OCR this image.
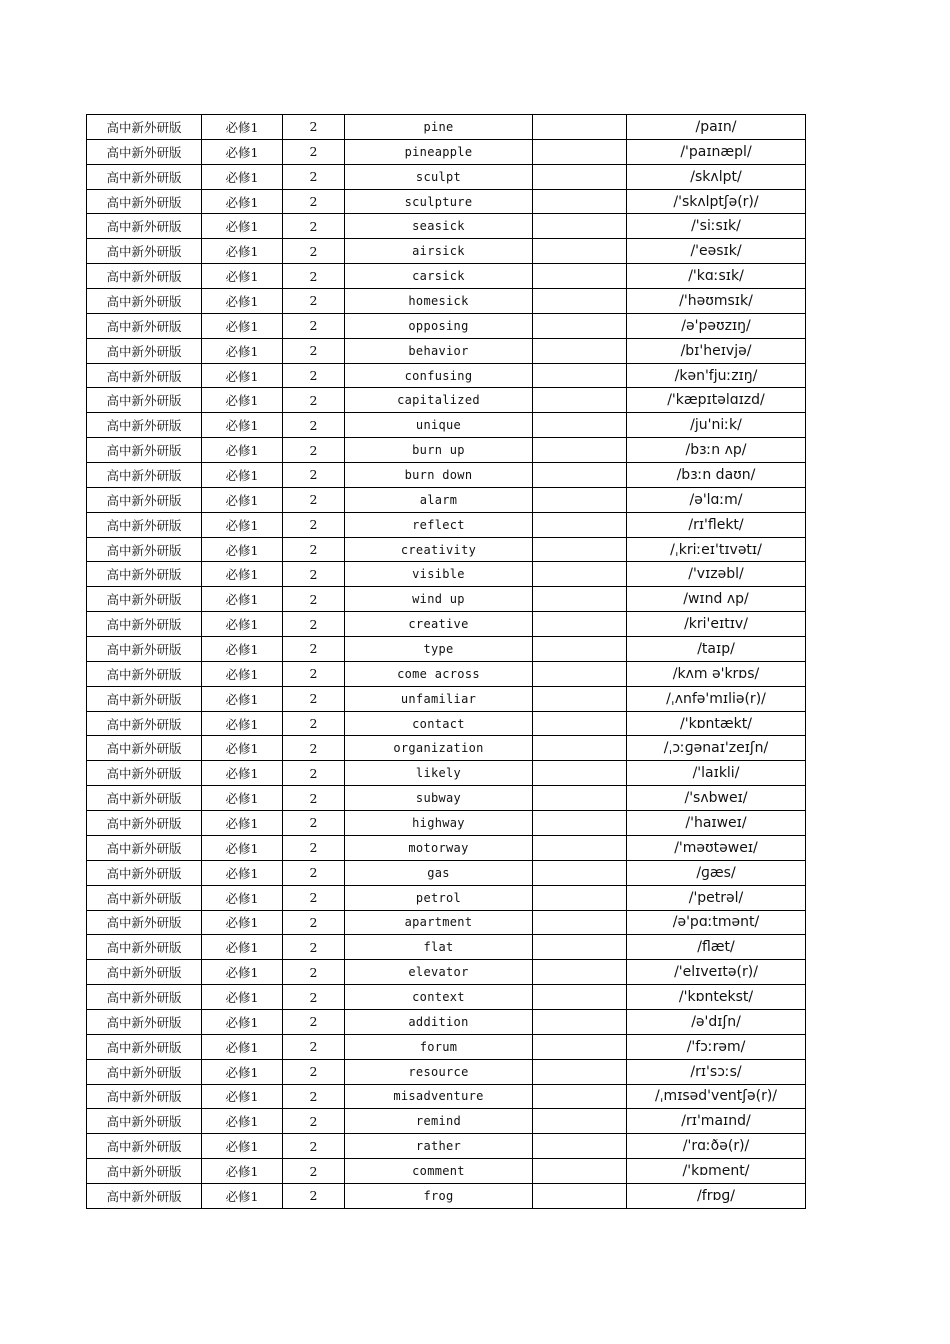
高中新外研版	必修1	2	pine		/paɪn/
高中新外研版	必修1	2	pineapple		/'paɪnæpl/
高中新外研版	必修1	2	sculpt		/skʌlpt/
高中新外研版	必修1	2	sculpture		/'skʌlptʃə(r)/
高中新外研版	必修1	2	seasick		/'siːsɪk/
高中新外研版	必修1	2	airsick		/'eəsɪk/
高中新外研版	必修1	2	carsick		/'kɑːsɪk/
高中新外研版	必修1	2	homesick		/'həʊmsɪk/
高中新外研版	必修1	2	opposing		/ə'pəʊzɪŋ/
高中新外研版	必修1	2	behavior		/bɪ'heɪvjə/
高中新外研版	必修1	2	confusing		/kən'fjuːzɪŋ/
高中新外研版	必修1	2	capitalized		/'kæpɪtəlɑɪzd/
高中新外研版	必修1	2	unique		/ju'niːk/
高中新外研版	必修1	2	burn up		/bɜːn ʌp/
高中新外研版	必修1	2	burn down		/bɜːn daʊn/
高中新外研版	必修1	2	alarm		/ə'lɑːm/
高中新外研版	必修1	2	reflect		/rɪ'flekt/
高中新外研版	必修1	2	creativity		/ˌkriːeɪ'tɪvətɪ/
高中新外研版	必修1	2	visible		/'vɪzəbl/
高中新外研版	必修1	2	wind up		/wɪnd ʌp/
高中新外研版	必修1	2	creative		/kri'eɪtɪv/
高中新外研版	必修1	2	type		/taɪp/
高中新外研版	必修1	2	come across		/kʌm ə'krɒs/
高中新外研版	必修1	2	unfamiliar		/ˌʌnfə'mɪliə(r)/
高中新外研版	必修1	2	contact		/'kɒntækt/
高中新外研版	必修1	2	organization		/ˌɔːɡənaɪ'zeɪʃn/
高中新外研版	必修1	2	likely		/'laɪkli/
高中新外研版	必修1	2	subway		/'sʌbweɪ/
高中新外研版	必修1	2	highway		/'haɪweɪ/
高中新外研版	必修1	2	motorway		/'məʊtəweɪ/
高中新外研版	必修1	2	gas		/ɡæs/
高中新外研版	必修1	2	petrol		/'petrəl/
高中新外研版	必修1	2	apartment		/ə'pɑːtmənt/
高中新外研版	必修1	2	flat		/flæt/
高中新外研版	必修1	2	elevator		/'elɪveɪtə(r)/
高中新外研版	必修1	2	context		/'kɒntekst/
高中新外研版	必修1	2	addition		/ə'dɪʃn/
高中新外研版	必修1	2	forum		/'fɔːrəm/
高中新外研版	必修1	2	resource		/rɪ'sɔːs/
高中新外研版	必修1	2	misadventure		/ˌmɪsəd'ventʃə(r)/
高中新外研版	必修1	2	remind		/rɪ'maɪnd/
高中新外研版	必修1	2	rather		/'rɑːðə(r)/
高中新外研版	必修1	2	comment		/'kɒment/
高中新外研版	必修1	2	frog		/frɒɡ/
